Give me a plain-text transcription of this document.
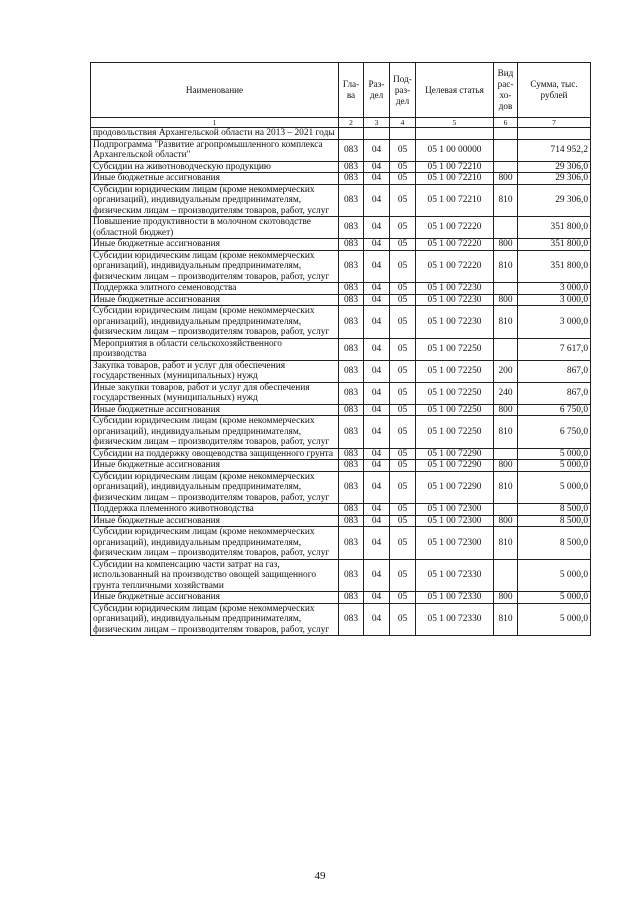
Наименование	Гла-ва	Раз-дел	Под-раз-дел	Целевая статья	Вид рас-хо-дов	Сумма, тыс. рублей
1	2	3	4	5	6	7
продовольствия Архангельской области на 2013 – 2021 годы						
Подпрограмма "Развитие агропромышленного комплекса Архангельской области"	083	04	05	05 1 00 00000		714 952,2
Субсидии на животноводческую продукцию	083	04	05	05 1 00 72210		29 306,0
Иные бюджетные ассигнования	083	04	05	05 1 00 72210	800	29 306,0
Субсидии юридическим лицам (кроме некоммерческих организаций), индивидуальным предпринимателям, физическим лицам – производителям товаров, работ, услуг	083	04	05	05 1 00 72210	810	29 306,0
Повышение продуктивности в молочном скотоводстве (областной бюджет)	083	04	05	05 1 00 72220		351 800,0
Иные бюджетные ассигнования	083	04	05	05 1 00 72220	800	351 800,0
Субсидии юридическим лицам (кроме некоммерческих организаций), индивидуальным предпринимателям, физическим лицам – производителям товаров, работ, услуг	083	04	05	05 1 00 72220	810	351 800,0
Поддержка элитного семеноводства	083	04	05	05 1 00 72230		3 000,0
Иные бюджетные ассигнования	083	04	05	05 1 00 72230	800	3 000,0
Субсидии юридическим лицам (кроме некоммерческих организаций), индивидуальным предпринимателям, физическим лицам – производителям товаров, работ, услуг	083	04	05	05 1 00 72230	810	3 000,0
Мероприятия в области сельскохозяйственного производства	083	04	05	05 1 00 72250		7 617,0
Закупка товаров, работ и услуг для обеспечения государственных (муниципальных) нужд	083	04	05	05 1 00 72250	200	867,0
Иные закупки товаров, работ и услуг для обеспечения государственных (муниципальных) нужд	083	04	05	05 1 00 72250	240	867,0
Иные бюджетные ассигнования	083	04	05	05 1 00 72250	800	6 750,0
Субсидии юридическим лицам (кроме некоммерческих организаций), индивидуальным предпринимателям, физическим лицам – производителям товаров, работ, услуг	083	04	05	05 1 00 72250	810	6 750,0
Субсидии на поддержку овощеводства защищенного грунта	083	04	05	05 1 00 72290		5 000,0
Иные бюджетные ассигнования	083	04	05	05 1 00 72290	800	5 000,0
Субсидии юридическим лицам (кроме некоммерческих организаций), индивидуальным предпринимателям, физическим лицам – производителям товаров, работ, услуг	083	04	05	05 1 00 72290	810	5 000,0
Поддержка племенного животноводства	083	04	05	05 1 00 72300		8 500,0
Иные бюджетные ассигнования	083	04	05	05 1 00 72300	800	8 500,0
Субсидии юридическим лицам (кроме некоммерческих организаций), индивидуальным предпринимателям, физическим лицам – производителям товаров, работ, услуг	083	04	05	05 1 00 72300	810	8 500,0
Субсидии на компенсацию части затрат на газ, использованный на производство овощей защищенного грунта тепличными хозяйствами	083	04	05	05 1 00 72330		5 000,0
Иные бюджетные ассигнования	083	04	05	05 1 00 72330	800	5 000,0
Субсидии юридическим лицам (кроме некоммерческих организаций), индивидуальным предпринимателям, физическим лицам – производителям товаров, работ, услуг	083	04	05	05 1 00 72330	810	5 000,0
49
